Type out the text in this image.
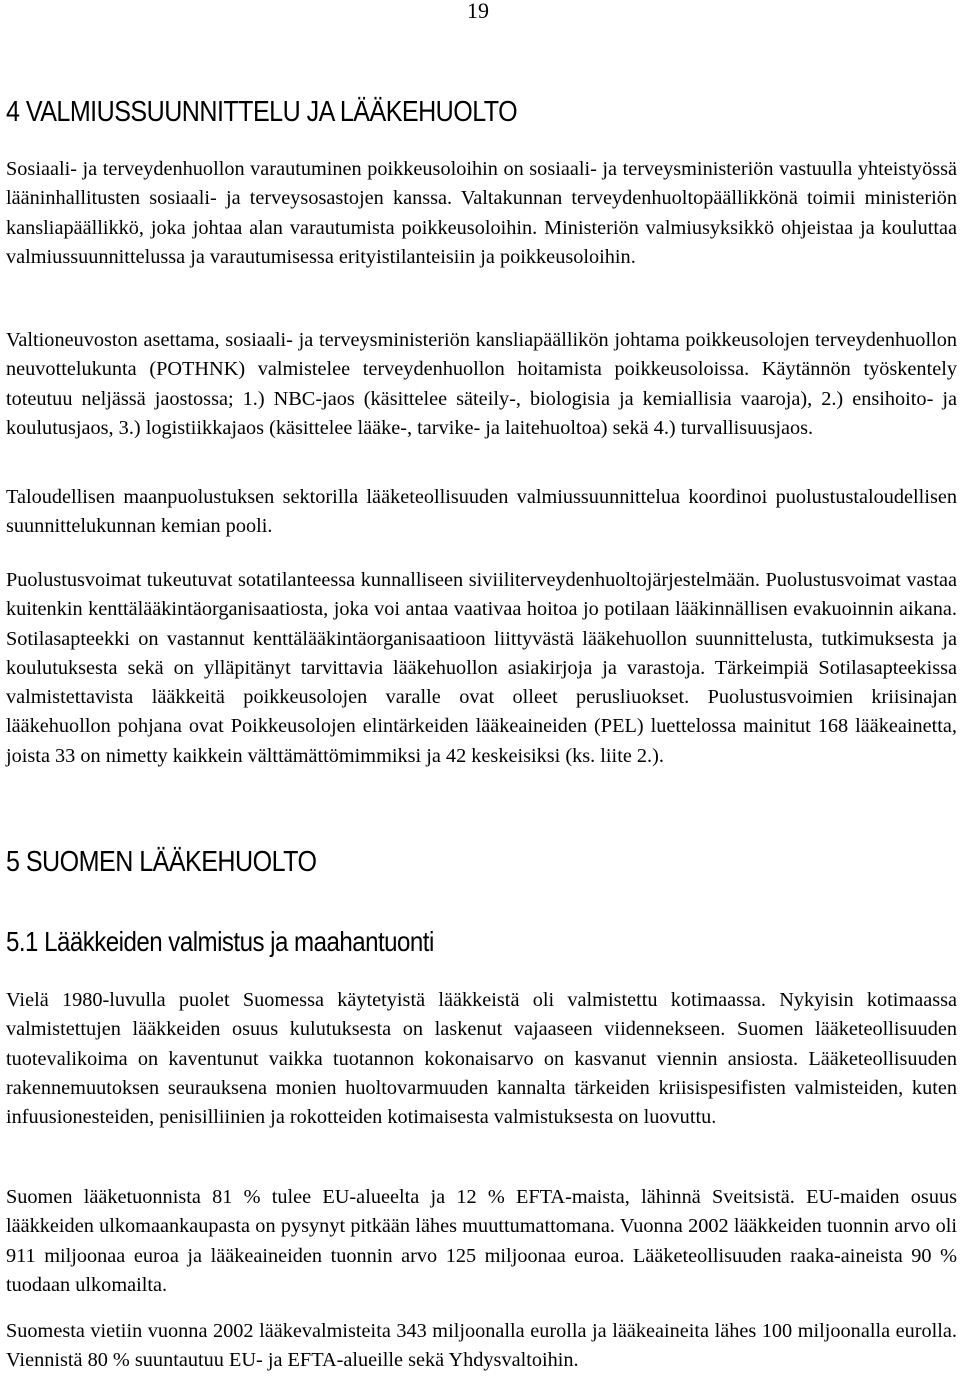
19
4 VALMIUSSUUNNITTELU JA LÄÄKEHUOLTO

Sosiaali- ja terveydenhuollon varautuminen poikkeusoloihin on sosiaali- ja terveysministeriön vastuulla yhteistyössä lääninhallitusten sosiaali- ja terveysosastojen kanssa. Valtakunnan terveydenhuoltopäällikkönä toimii ministeriön kansliapäällikkö, joka johtaa alan varautumista poikkeusoloihin. Ministeriön valmiusyksikkö ohjeistaa ja kouluttaa valmiussuunnittelussa ja varautumisessa erityistilanteisiin ja poikkeusoloihin.

Valtioneuvoston asettama, sosiaali- ja terveysministeriön kansliapäällikön johtama poikkeusolojen terveydenhuollon neuvottelukunta (POTHNK) valmistelee terveydenhuollon hoitamista poikkeusoloissa. Käytännön työskentely toteutuu neljässä jaostossa; 1.) NBC-jaos (käsittelee säteily-, biologisia ja kemiallisia vaaroja), 2.) ensihoito- ja koulutusjaos, 3.) logistiikkajaos (käsittelee lääke-, tarvike- ja laitehuoltoa) sekä 4.) turvallisuusjaos.

Taloudellisen maanpuolustuksen sektorilla lääketeollisuuden valmiussuunnittelua koordinoi puolustustaloudellisen suunnittelukunnan kemian pooli.

Puolustusvoimat tukeutuvat sotatilanteessa kunnalliseen siviiliterveydenhuoltojärjestelmään. Puolustusvoimat vastaa kuitenkin kenttälääkintäorganisaatiosta, joka voi antaa vaativaa hoitoa jo potilaan lääkinnällisen evakuoinnin aikana. Sotilasapteekki on vastannut kenttälääkintäorganisaatioon liittyvästä lääkehuollon suunnittelusta, tutkimuksesta ja koulutuksesta sekä on ylläpitänyt tarvittavia lääkehuollon asiakirjoja ja varastoja. Tärkeimpiä Sotilasapteekissa valmistettavista lääkkeitä poikkeusolojen varalle ovat olleet perusliuokset. Puolustusvoimien kriisinajan lääkehuollon pohjana ovat Poikkeusolojen elintärkeiden lääkeaineiden (PEL) luettelossa mainitut 168 lääkeainetta, joista 33 on nimetty kaikkein välttämättömimmiksi ja 42 keskeisiksi (ks. liite 2.).

5 SUOMEN LÄÄKEHUOLTO
5.1 Lääkkeiden valmistus ja maahantuonti

Vielä 1980-luvulla puolet Suomessa käytetyistä lääkkeistä oli valmistettu kotimaassa. Nykyisin kotimaassa valmistettujen lääkkeiden osuus kulutuksesta on laskenut vajaaseen viidennekseen. Suomen lääketeollisuuden tuotevalikoima on kaventunut vaikka tuotannon kokonaisarvo on kasvanut viennin ansiosta. Lääketeollisuuden rakennemuutoksen seurauksena monien huoltovarmuuden kannalta tärkeiden kriisispesifisten valmisteiden, kuten infuusionesteiden, penisilliinien ja rokotteiden kotimaisesta valmistuksesta on luovuttu.

Suomen lääketuonnista 81 % tulee EU-alueelta ja 12 % EFTA-maista, lähinnä Sveitsistä. EU-maiden osuus lääkkeiden ulkomaankaupasta on pysynyt pitkään lähes muuttumattomana. Vuonna 2002 lääkkeiden tuonnin arvo oli 911 miljoonaa euroa ja lääkeaineiden tuonnin arvo 125 miljoonaa euroa. Lääketeollisuuden raaka-aineista 90 % tuodaan ulkomailta.

Suomesta vietiin vuonna 2002 lääkevalmisteita 343 miljoonalla eurolla ja lääkeaineita lähes 100 miljoonalla eurolla. Viennistä 80 % suuntautuu EU- ja EFTA-alueille sekä Yhdysvaltoihin.
